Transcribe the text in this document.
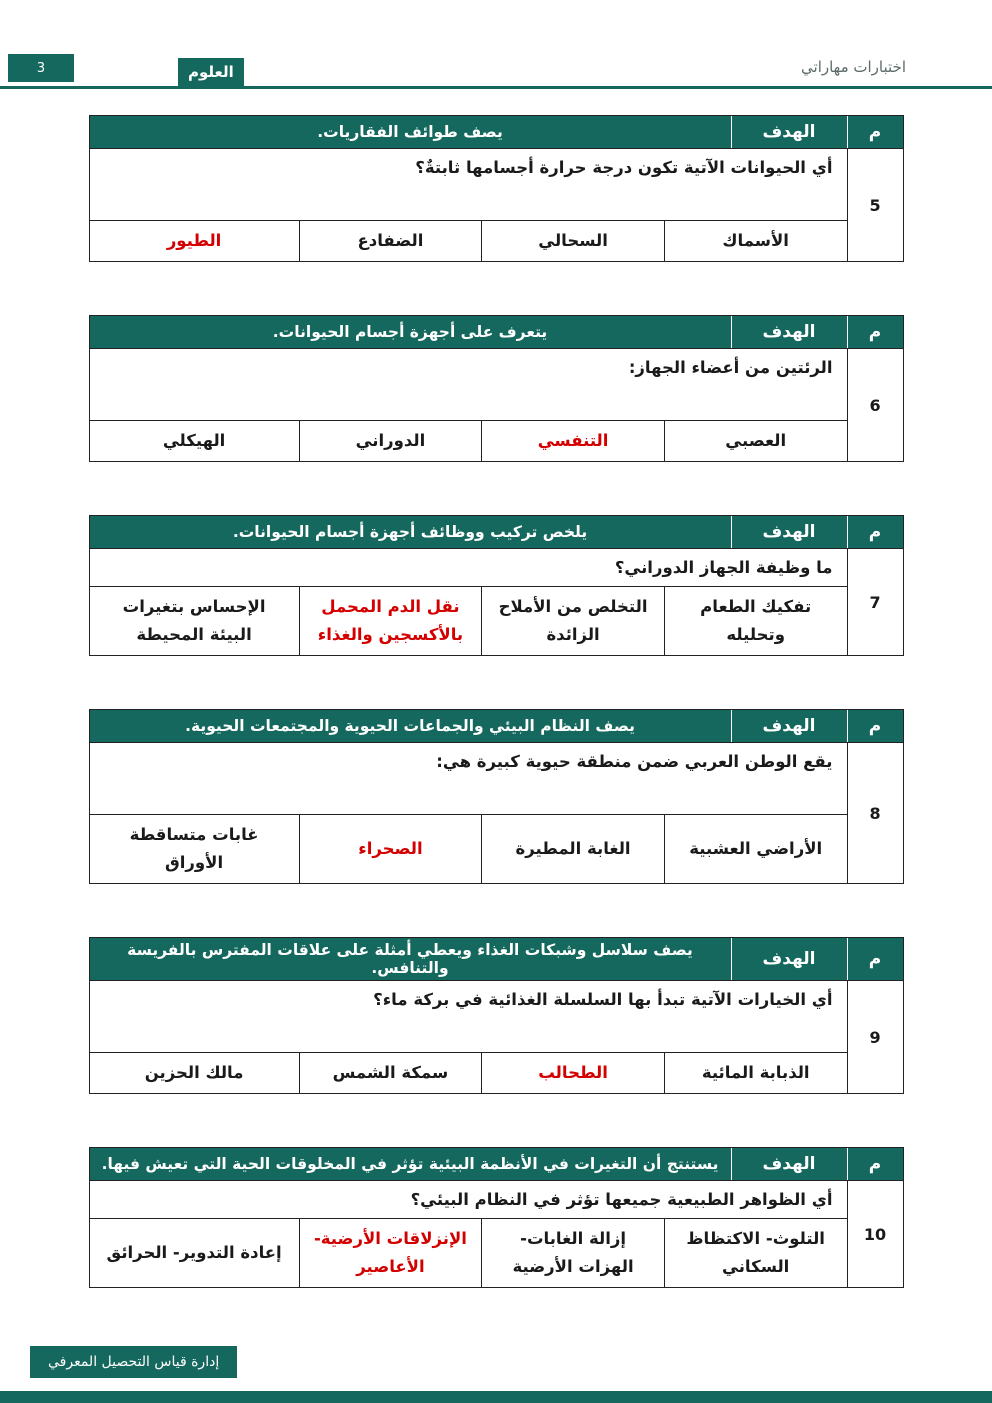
3	العلوم	اختبارات مهاراتي
م
الهدف
يصف طوائف الفقاريات.
5
أي الحيوانات الآتية تكون درجة حرارة أجسامها ثابتةٌ؟
الأسماك
السحالي
الضفادع
الطيور
م
الهدف
يتعرف على أجهزة أجسام الحيوانات.
6
الرئتين من أعضاء الجهاز:
العصبي
التنفسي
الدوراني
الهيكلي
م
الهدف
يلخص تركيب ووظائف أجهزة أجسام الحيوانات.
7
ما وظيفة الجهاز الدوراني؟
تفكيك الطعام وتحليله
التخلص من الأملاح الزائدة
نقل الدم المحمل بالأكسجين والغذاء
الإحساس بتغيرات البيئة المحيطة
م
الهدف
يصف النظام البيئي والجماعات الحيوية والمجتمعات الحيوية.
8
يقع الوطن العربي ضمن منطقة حيوية كبيرة هي:
الأراضي العشبية
الغابة المطيرة
الصحراء
غابات متساقطة الأوراق
م
الهدف
يصف سلاسل وشبكات الغذاء ويعطي أمثلة على علاقات المفترس بالفريسة والتنافس.
9
أي الخيارات الآتية تبدأ بها السلسلة الغذائية في بركة ماء؟
الذبابة المائية
الطحالب
سمكة الشمس
مالك الحزين
م
الهدف
يستنتج أن التغيرات في الأنظمة البيئية تؤثر في المخلوقات الحية التي تعيش فيها.
10
أي الظواهر الطبيعية جميعها تؤثر في النظام البيئي؟
التلوث- الاكتظاظ السكاني
إزالة الغابات- الهزات الأرضية
الإنزلاقات الأرضية- الأعاصير
إعادة التدوير- الحرائق
إدارة قياس التحصيل المعرفي
